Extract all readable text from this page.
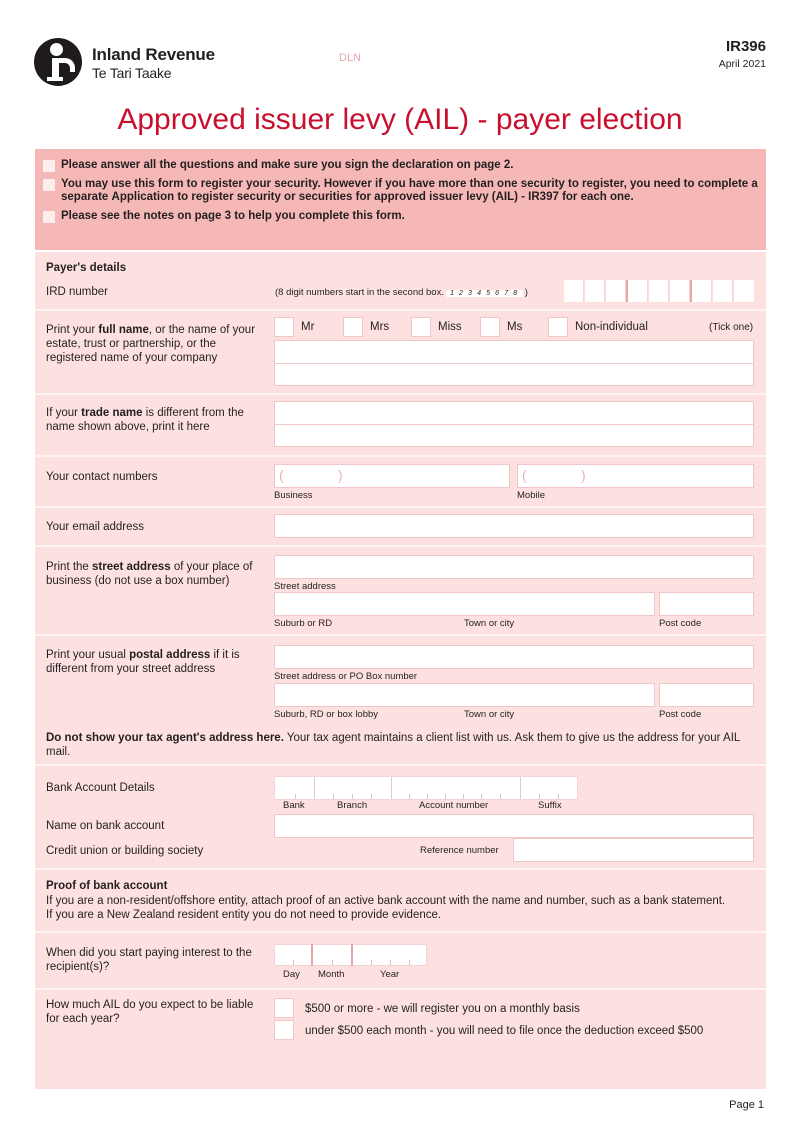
Inland Revenue
Te Tari Taake
DLN
IR396
April 2021
Approved issuer levy (AIL) - payer election
Please answer all the questions and make sure you sign the declaration on page 2.
You may use this form to register your security. However if you have more than one security to register, you need to complete a separate Application to register security or securities for approved issuer levy (AIL) - IR397 for each one.
Please see the notes on page 3 to help you complete this form.
Payer's details
IRD number	(8 digit numbers start in the second box. 1 2 3 4 5 6 7 8 )
Print your full name, or the name of your estate, trust or partnership, or the registered name of your company
Mr	Mrs	Miss	Ms	Non-individual	(Tick one)
If your trade name is different from the name shown above, print it here
Your contact numbers	(	)
Business
(	)
Mobile
Your email address
Print the street address of your place of business (do not use a box number)	Street address
Suburb or RD	Town or city	Post code
Print your usual postal address if it is different from your street address
Street address or PO Box number
Suburb, RD or box lobby	Town or city	Post code
Do not show your tax agent's address here. Your tax agent maintains a client list with us. Ask them to give us the address for your AIL mail.
Bank Account Details
Bank	Branch	Account number	Suffix
Name on bank account
Credit union or building society	Reference number
Proof of bank account
If you are a non-resident/offshore entity, attach proof of an active bank account with the name and number, such as a bank statement.
If you are a New Zealand resident entity you do not need to provide evidence.
When did you start paying interest to the recipient(s)?
Day Month	Year
How much AIL do you expect to be liable for each year?
$500 or more - we will register you on a monthly basis
under $500 each month - you will need to file once the deduction exceed $500
Page 1
